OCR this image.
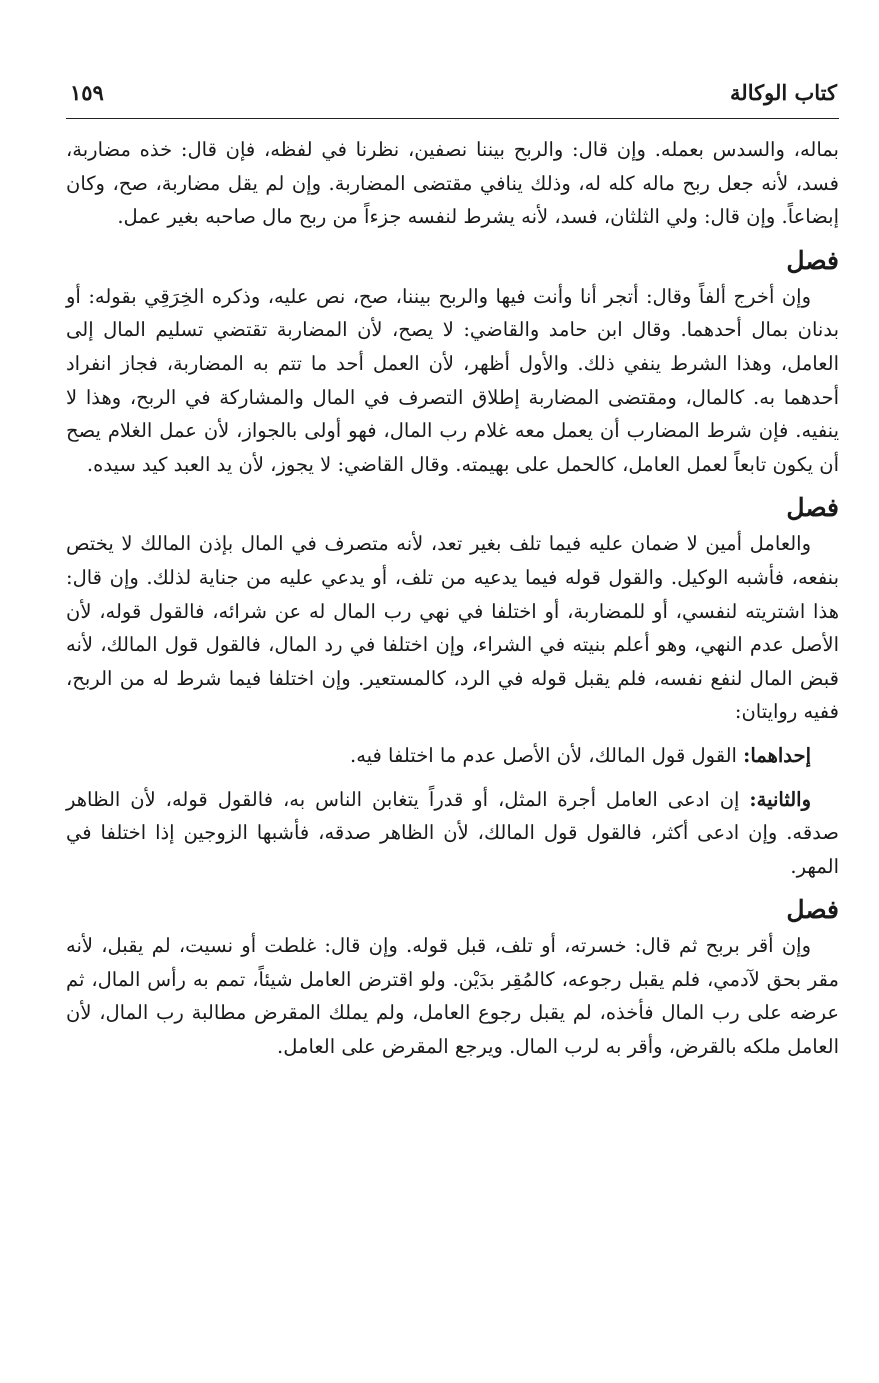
كتاب الوكالة
١٥٩

بماله، والسدس بعمله. وإن قال: والربح بيننا نصفين، نظرنا في لفظه، فإن قال: خذه مضاربة، فسد، لأنه جعل ربح ماله كله له، وذلك ينافي مقتضى المضاربة. وإن لم يقل مضاربة، صح، وكان إبضاعاً. وإن قال: ولي الثلثان، فسد، لأنه يشرط لنفسه جزءاً من ربح مال صاحبه بغير عمل.

فصل

وإن أخرج ألفاً وقال: أتجر أنا وأنت فيها والربح بيننا، صح، نص عليه، وذكره الخِرَقِي بقوله: أو بدنان بمال أحدهما. وقال ابن حامد والقاضي: لا يصح، لأن المضاربة تقتضي تسليم المال إلى العامل، وهذا الشرط ينفي ذلك. والأول أظهر، لأن العمل أحد ما تتم به المضاربة، فجاز انفراد أحدهما به. كالمال، ومقتضى المضاربة إطلاق التصرف في المال والمشاركة في الربح، وهذا لا ينفيه. فإن شرط المضارب أن يعمل معه غلام رب المال، فهو أولى بالجواز، لأن عمل الغلام يصح أن يكون تابعاً لعمل العامل، كالحمل على بهيمته. وقال القاضي: لا يجوز، لأن يد العبد كيد سيده.

فصل

والعامل أمين لا ضمان عليه فيما تلف بغير تعد، لأنه متصرف في المال بإذن المالك لا يختص بنفعه، فأشبه الوكيل. والقول قوله فيما يدعيه من تلف، أو يدعي عليه من جناية لذلك. وإن قال: هذا اشتريته لنفسي، أو للمضاربة، أو اختلفا في نهي رب المال له عن شرائه، فالقول قوله، لأن الأصل عدم النهي، وهو أعلم بنيته في الشراء، وإن اختلفا في رد المال، فالقول قول المالك، لأنه قبض المال لنفع نفسه، فلم يقبل قوله في الرد، كالمستعير. وإن اختلفا فيما شرط له من الربح، ففيه روايتان:

إحداهما: القول قول المالك، لأن الأصل عدم ما اختلفا فيه.

والثانية: إن ادعى العامل أجرة المثل، أو قدراً يتغابن الناس به، فالقول قوله، لأن الظاهر صدقه. وإن ادعى أكثر، فالقول قول المالك، لأن الظاهر صدقه، فأشبها الزوجين إذا اختلفا في المهر.

فصل

وإن أقر بربح ثم قال: خسرته، أو تلف، قبل قوله. وإن قال: غلطت أو نسيت، لم يقبل، لأنه مقر بحق لآدمي، فلم يقبل رجوعه، كالمُقِر بدَيْن. ولو اقترض العامل شيئاً، تمم به رأس المال، ثم عرضه على رب المال فأخذه، لم يقبل رجوع العامل، ولم يملك المقرض مطالبة رب المال، لأن العامل ملكه بالقرض، وأقر به لرب المال. ويرجع المقرض على العامل.
